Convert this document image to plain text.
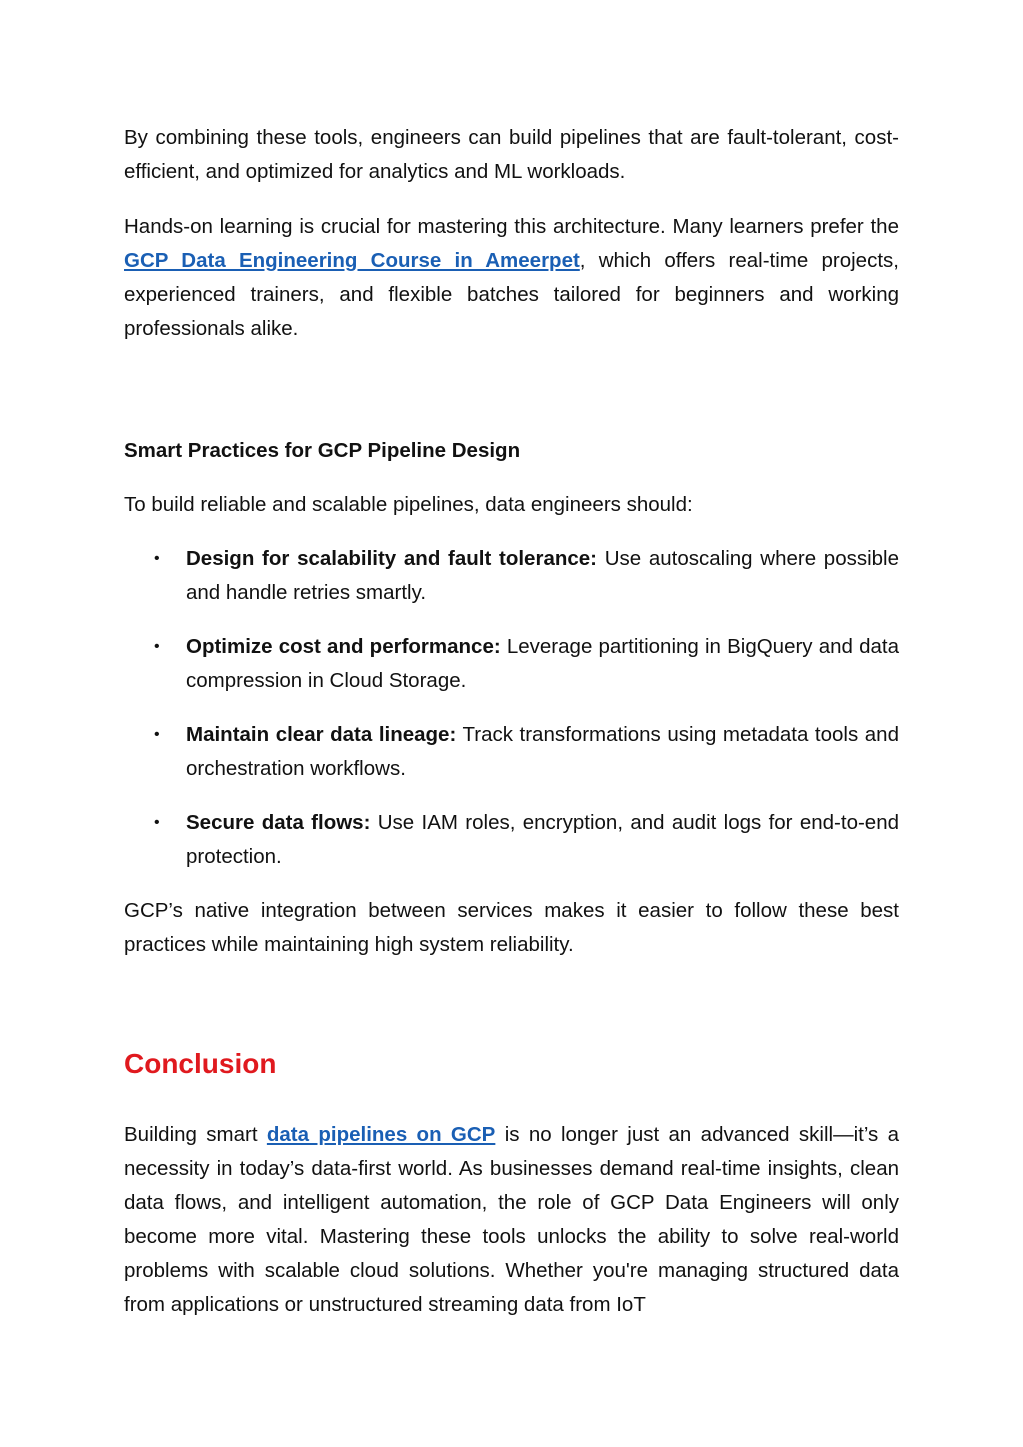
By combining these tools, engineers can build pipelines that are fault-tolerant, cost-efficient, and optimized for analytics and ML workloads.

Hands-on learning is crucial for mastering this architecture. Many learners prefer the GCP Data Engineering Course in Ameerpet, which offers real-time projects, experienced trainers, and flexible batches tailored for beginners and working professionals alike.

Smart Practices for GCP Pipeline Design

To build reliable and scalable pipelines, data engineers should:

• Design for scalability and fault tolerance: Use autoscaling where possible and handle retries smartly.
• Optimize cost and performance: Leverage partitioning in BigQuery and data compression in Cloud Storage.
• Maintain clear data lineage: Track transformations using metadata tools and orchestration workflows.
• Secure data flows: Use IAM roles, encryption, and audit logs for end-to-end protection.

GCP’s native integration between services makes it easier to follow these best practices while maintaining high system reliability.

Conclusion

Building smart data pipelines on GCP is no longer just an advanced skill—it’s a necessity in today’s data-first world. As businesses demand real-time insights, clean data flows, and intelligent automation, the role of GCP Data Engineers will only become more vital. Mastering these tools unlocks the ability to solve real-world problems with scalable cloud solutions. Whether you're managing structured data from applications or unstructured streaming data from IoT
